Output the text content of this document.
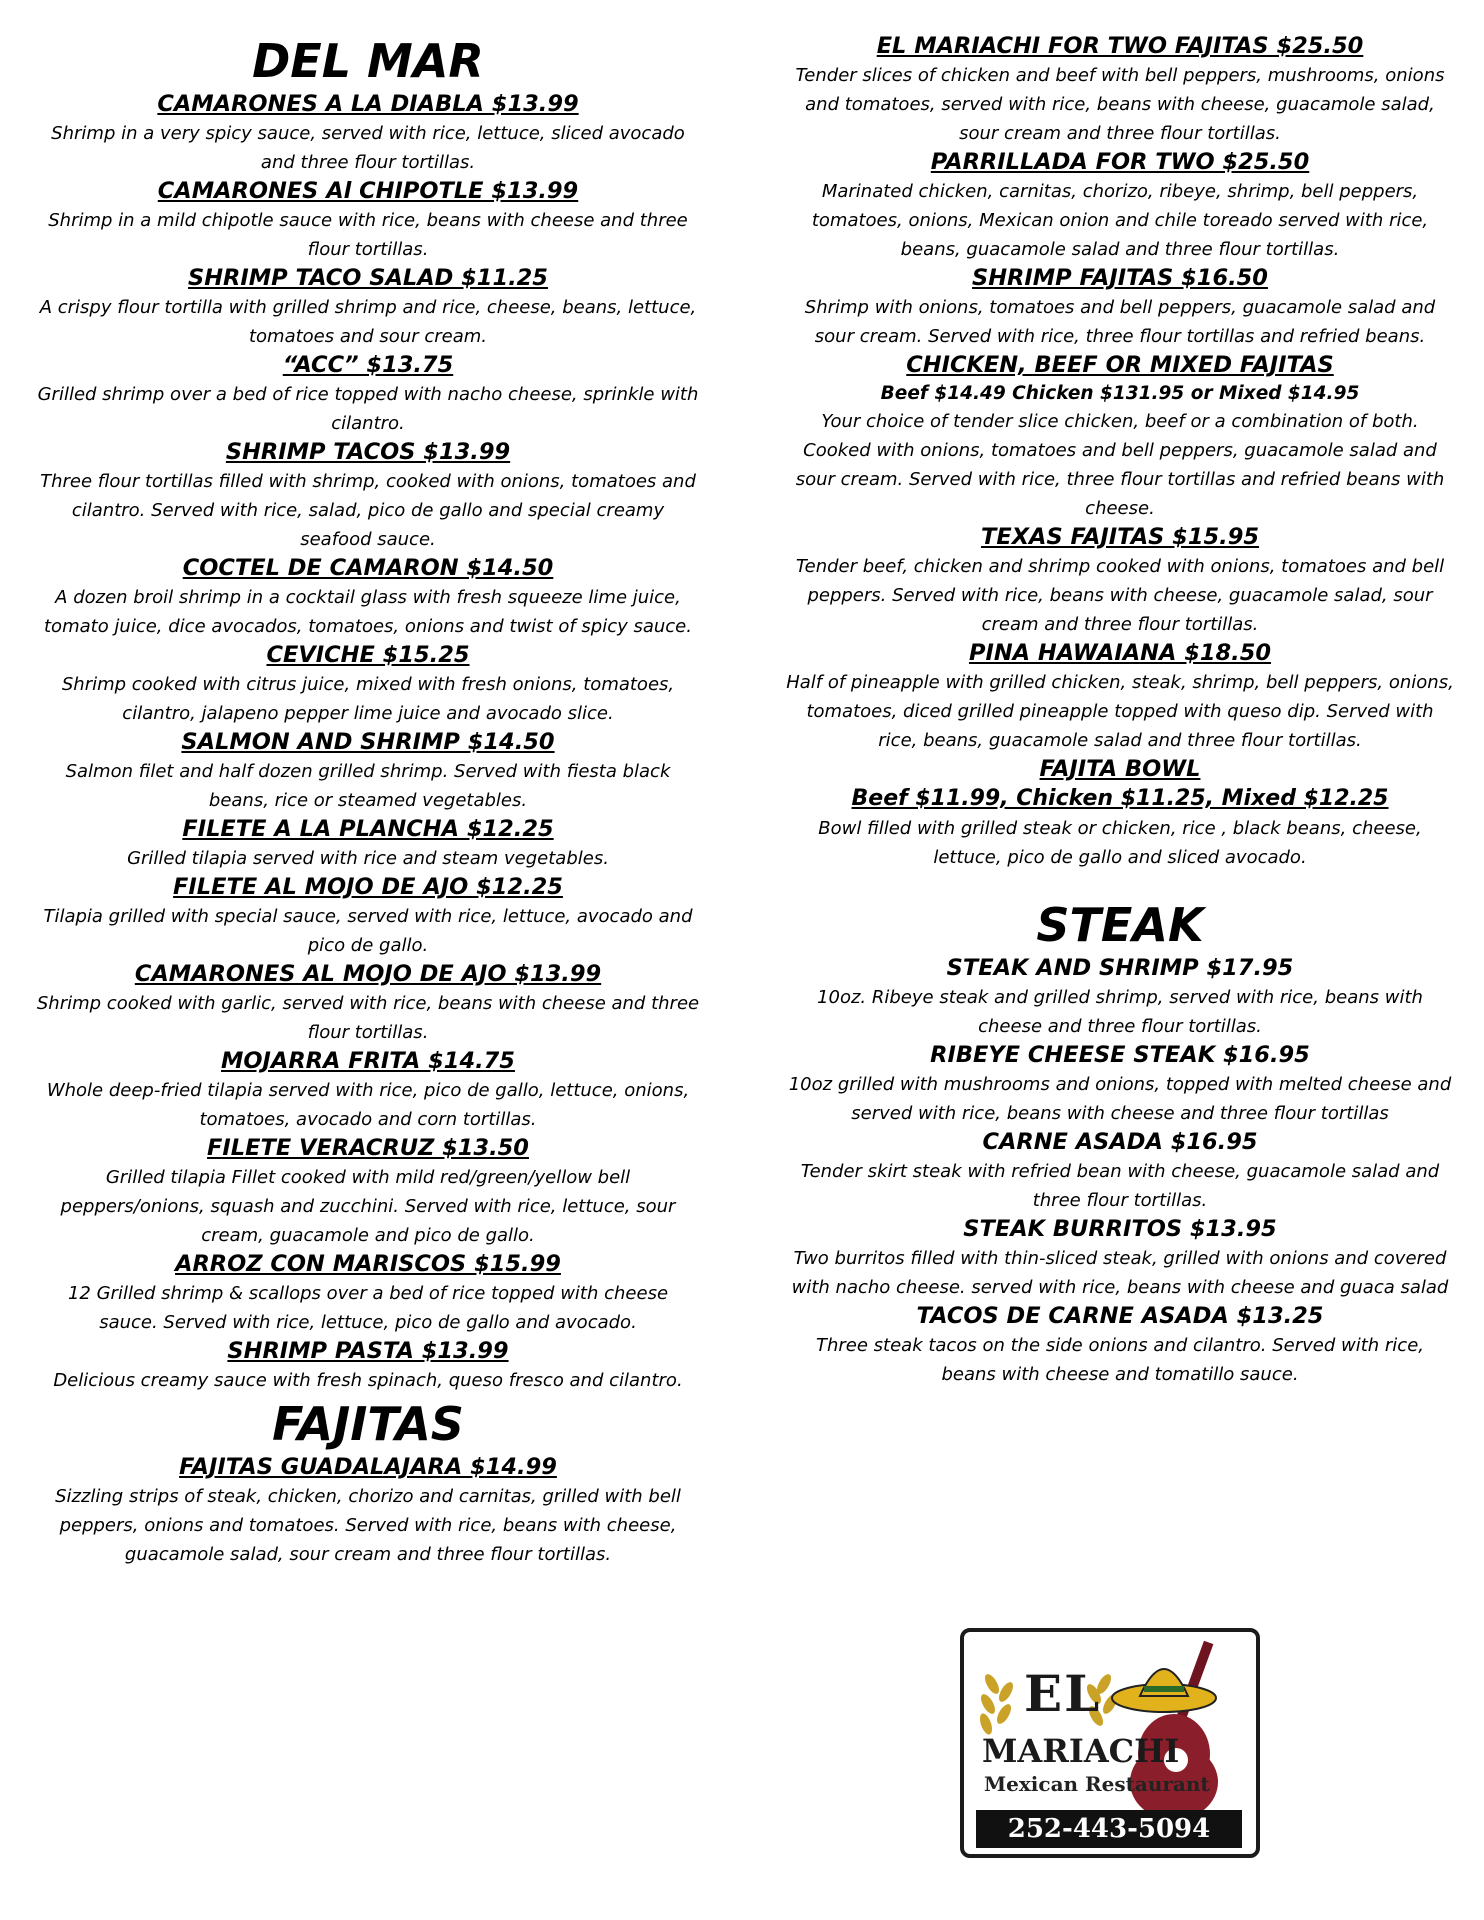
DEL MAR
CAMARONES A LA DIABLA $13.99
Shrimp in a very spicy sauce, served with rice, lettuce, sliced avocado and three flour tortillas.
CAMARONES Al CHIPOTLE $13.99
Shrimp in a mild chipotle sauce with rice, beans with cheese and three flour tortillas.
SHRIMP TACO SALAD $11.25
A crispy flour tortilla with grilled shrimp and rice, cheese, beans, lettuce, tomatoes and sour cream.
“ACC” $13.75
Grilled shrimp over a bed of rice topped with nacho cheese, sprinkle with cilantro.
SHRIMP TACOS $13.99
Three flour tortillas filled with shrimp, cooked with onions, tomatoes and cilantro. Served with rice, salad, pico de gallo and special creamy seafood sauce.
COCTEL DE CAMARON $14.50
A dozen broil shrimp in a cocktail glass with fresh squeeze lime juice, tomato juice, dice avocados, tomatoes, onions and twist of spicy sauce.
CEVICHE $15.25
Shrimp cooked with citrus juice, mixed with fresh onions, tomatoes, cilantro, jalapeno pepper lime juice and avocado slice.
SALMON AND SHRIMP $14.50
Salmon filet and half dozen grilled shrimp. Served with fiesta black beans, rice or steamed vegetables.
FILETE A LA PLANCHA $12.25
Grilled tilapia served with rice and steam vegetables.
FILETE AL MOJO DE AJO $12.25
Tilapia grilled with special sauce, served with rice, lettuce, avocado and pico de gallo.
CAMARONES AL MOJO DE AJO $13.99
Shrimp cooked with garlic, served with rice, beans with cheese and three flour tortillas.
MOJARRA FRITA $14.75
Whole deep-fried tilapia served with rice, pico de gallo, lettuce, onions, tomatoes, avocado and corn tortillas.
FILETE VERACRUZ $13.50
Grilled tilapia Fillet cooked with mild red/green/yellow bell peppers/onions, squash and zucchini. Served with rice, lettuce, sour cream, guacamole and pico de gallo.
ARROZ CON MARISCOS $15.99
12 Grilled shrimp & scallops over a bed of rice topped with cheese sauce. Served with rice, lettuce, pico de gallo and avocado.
SHRIMP PASTA $13.99
Delicious creamy sauce with fresh spinach, queso fresco and cilantro.
FAJITAS
FAJITAS GUADALAJARA $14.99
Sizzling strips of steak, chicken, chorizo and carnitas, grilled with bell peppers, onions and tomatoes. Served with rice, beans with cheese, guacamole salad, sour cream and three flour tortillas.
EL MARIACHI FOR TWO FAJITAS $25.50
Tender slices of chicken and beef with bell peppers, mushrooms, onions and tomatoes, served with rice, beans with cheese, guacamole salad, sour cream and three flour tortillas.
PARRILLADA FOR TWO $25.50
Marinated chicken, carnitas, chorizo, ribeye, shrimp, bell peppers, tomatoes, onions, Mexican onion and chile toreado served with rice, beans, guacamole salad and three flour tortillas.
SHRIMP FAJITAS $16.50
Shrimp with onions, tomatoes and bell peppers, guacamole salad and sour cream. Served with rice, three flour tortillas and refried beans.
CHICKEN, BEEF OR MIXED FAJITAS
Beef $14.49 Chicken $131.95 or Mixed $14.95
Your choice of tender slice chicken, beef or a combination of both. Cooked with onions, tomatoes and bell peppers, guacamole salad and sour cream. Served with rice, three flour tortillas and refried beans with cheese.
TEXAS FAJITAS $15.95
Tender beef, chicken and shrimp cooked with onions, tomatoes and bell peppers. Served with rice, beans with cheese, guacamole salad, sour cream and three flour tortillas.
PINA HAWAIANA $18.50
Half of pineapple with grilled chicken, steak, shrimp, bell peppers, onions, tomatoes, diced grilled pineapple topped with queso dip. Served with rice, beans, guacamole salad and three flour tortillas.
FAJITA BOWL
Beef $11.99, Chicken $11.25, Mixed $12.25
Bowl filled with grilled steak or chicken, rice , black beans, cheese, lettuce, pico de gallo and sliced avocado.
STEAK
STEAK AND SHRIMP $17.95
10oz. Ribeye steak and grilled shrimp, served with rice, beans with cheese and three flour tortillas.
RIBEYE CHEESE STEAK $16.95
10oz grilled with mushrooms and onions, topped with melted cheese and served with rice, beans with cheese and three flour tortillas
CARNE ASADA $16.95
Tender skirt steak with refried bean with cheese, guacamole salad and three flour tortillas.
STEAK BURRITOS $13.95
Two burritos filled with thin-sliced steak, grilled with onions and covered with nacho cheese. served with rice, beans with cheese and guaca salad
TACOS DE CARNE ASADA $13.25
Three steak tacos on the side onions and cilantro. Served with rice, beans with cheese and tomatillo sauce.
EL
MARIACHI
Mexican Restaurant
252-443-5094
